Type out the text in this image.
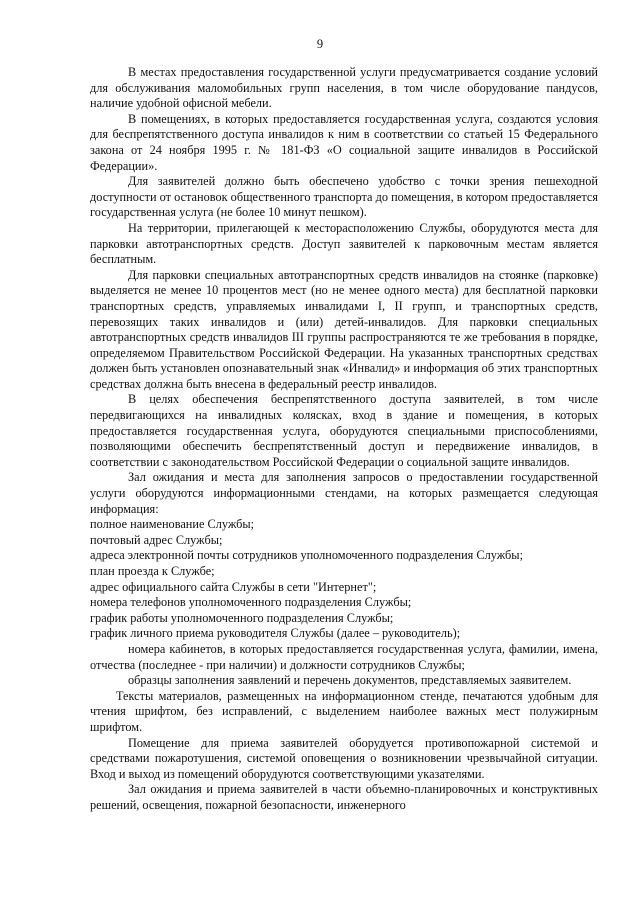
9

В местах предоставления государственной услуги предусматривается создание условий для обслуживания маломобильных групп населения, в том числе оборудование пандусов, наличие удобной офисной мебели.

В помещениях, в которых предоставляется государственная услуга, создаются условия для беспрепятственного доступа инвалидов к ним в соответствии со статьей 15 Федерального закона от 24 ноября 1995 г. № 181-ФЗ «О социальной защите инвалидов в Российской Федерации».

Для заявителей должно быть обеспечено удобство с точки зрения пешеходной доступности от остановок общественного транспорта до помещения, в котором предоставляется государственная услуга (не более 10 минут пешком).

На территории, прилегающей к месторасположению Службы, оборудуются места для парковки автотранспортных средств. Доступ заявителей к парковочным местам является бесплатным.

Для парковки специальных автотранспортных средств инвалидов на стоянке (парковке) выделяется не менее 10 процентов мест (но не менее одного места) для бесплатной парковки транспортных средств, управляемых инвалидами I, II групп, и транспортных средств, перевозящих таких инвалидов и (или) детей-инвалидов. Для парковки специальных автотранспортных средств инвалидов III группы распространяются те же требования в порядке, определяемом Правительством Российской Федерации. На указанных транспортных средствах должен быть установлен опознавательный знак «Инвалид» и информация об этих транспортных средствах должна быть внесена в федеральный реестр инвалидов.

В целях обеспечения беспрепятственного доступа заявителей, в том числе передвигающихся на инвалидных колясках, вход в здание и помещения, в которых предоставляется государственная услуга, оборудуются специальными приспособлениями, позволяющими обеспечить беспрепятственный доступ и передвижение инвалидов, в соответствии с законодательством Российской Федерации о социальной защите инвалидов.

Зал ожидания и места для заполнения запросов о предоставлении государственной услуги оборудуются информационными стендами, на которых размещается следующая информация:

полное наименование Службы;

почтовый адрес Службы;

адреса электронной почты сотрудников уполномоченного подразделения Службы;

план проезда к Службе;

адрес официального сайта Службы в сети "Интернет";

номера телефонов уполномоченного подразделения Службы;

график работы уполномоченного подразделения Службы;

график личного приема руководителя Службы (далее – руководитель);

номера кабинетов, в которых предоставляется государственная услуга, фамилии, имена, отчества (последнее - при наличии) и должности сотрудников Службы;

образцы заполнения заявлений и перечень документов, представляемых заявителем.

Тексты материалов, размещенных на информационном стенде, печатаются удобным для чтения шрифтом, без исправлений, с выделением наиболее важных мест полужирным шрифтом.

Помещение для приема заявителей оборудуется противопожарной системой и средствами пожаротушения, системой оповещения о возникновении чрезвычайной ситуации. Вход и выход из помещений оборудуются соответствующими указателями.

Зал ожидания и приема заявителей в части объемно-планировочных и конструктивных решений, освещения, пожарной безопасности, инженерного
